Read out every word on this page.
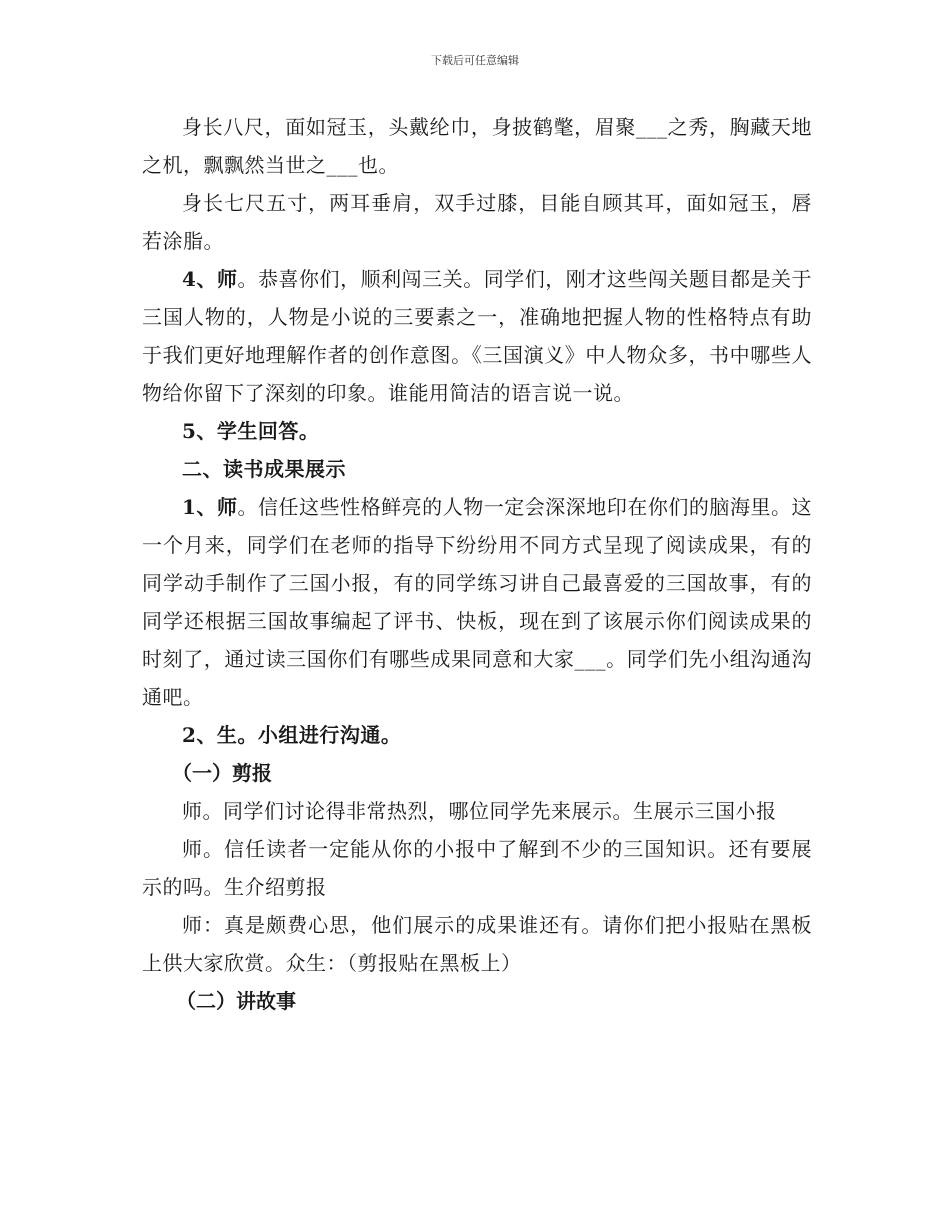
下载后可任意编辑

身长八尺，面如冠玉，头戴纶巾，身披鹤氅，眉聚___之秀，胸藏天地之机，飘飘然当世之___也。

身长七尺五寸，两耳垂肩，双手过膝，目能自顾其耳，面如冠玉，唇若涂脂。

4、师。恭喜你们，顺利闯三关。同学们，刚才这些闯关题目都是关于三国人物的，人物是小说的三要素之一，准确地把握人物的性格特点有助于我们更好地理解作者的创作意图。《三国演义》中人物众多，书中哪些人物给你留下了深刻的印象。谁能用简洁的语言说一说。

5、学生回答。

二、读书成果展示

1、师。信任这些性格鲜亮的人物一定会深深地印在你们的脑海里。这一个月来，同学们在老师的指导下纷纷用不同方式呈现了阅读成果，有的同学动手制作了三国小报，有的同学练习讲自己最喜爱的三国故事，有的同学还根据三国故事编起了评书、快板，现在到了该展示你们阅读成果的时刻了，通过读三国你们有哪些成果同意和大家___。同学们先小组沟通沟通吧。

2、生。小组进行沟通。

（一）剪报

师。同学们讨论得非常热烈，哪位同学先来展示。生展示三国小报

师。信任读者一定能从你的小报中了解到不少的三国知识。还有要展示的吗。生介绍剪报

师：真是颇费心思，他们展示的成果谁还有。请你们把小报贴在黑板上供大家欣赏。众生：（剪报贴在黑板上）

（二）讲故事
